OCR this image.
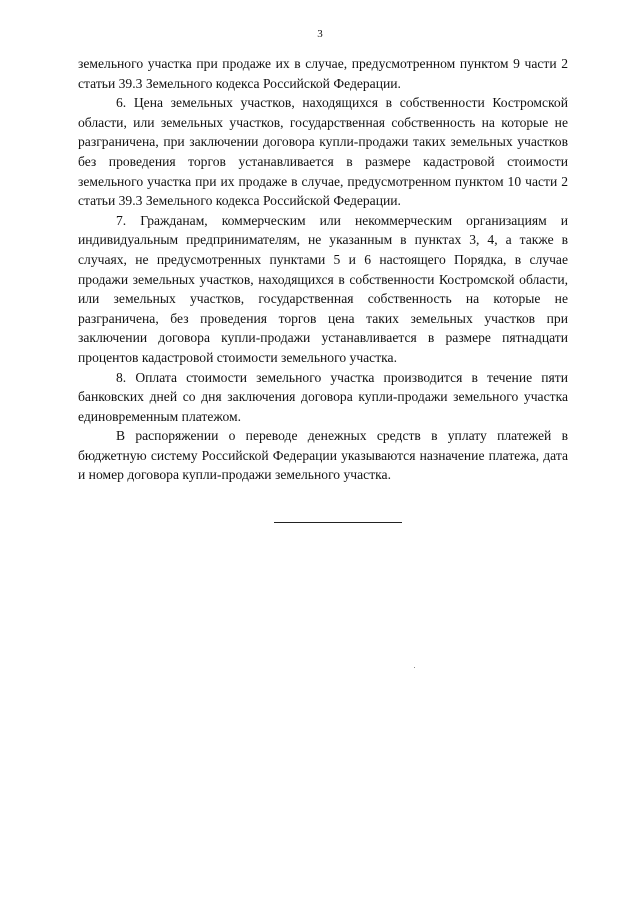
3

земельного участка при продаже их в случае, предусмотренном пунктом 9 части 2 статьи 39.3 Земельного кодекса Российской Федерации.

6. Цена земельных участков, находящихся в собственности Костромской области, или земельных участков, государственная собственность на которые не разграничена, при заключении договора купли-продажи таких земельных участков без проведения торгов устанавливается в размере кадастровой стоимости земельного участка при их продаже в случае, предусмотренном пунктом 10 части 2 статьи 39.3 Земельного кодекса Российской Федерации.

7. Гражданам, коммерческим или некоммерческим организациям и индивидуальным предпринимателям, не указанным в пунктах 3, 4, а также в случаях, не предусмотренных пунктами 5 и 6 настоящего Порядка, в случае продажи земельных участков, находящихся в собственности Костромской области, или земельных участков, государственная собственность на которые не разграничена, без проведения торгов цена таких земельных участков при заключении договора купли-продажи устанавливается в размере пятнадцати процентов кадастровой стоимости земельного участка.

8. Оплата стоимости земельного участка производится в течение пяти банковских дней со дня заключения договора купли-продажи земельного участка единовременным платежом.

В распоряжении о переводе денежных средств в уплату платежей в бюджетную систему Российской Федерации указываются назначение платежа, дата и номер договора купли-продажи земельного участка.
